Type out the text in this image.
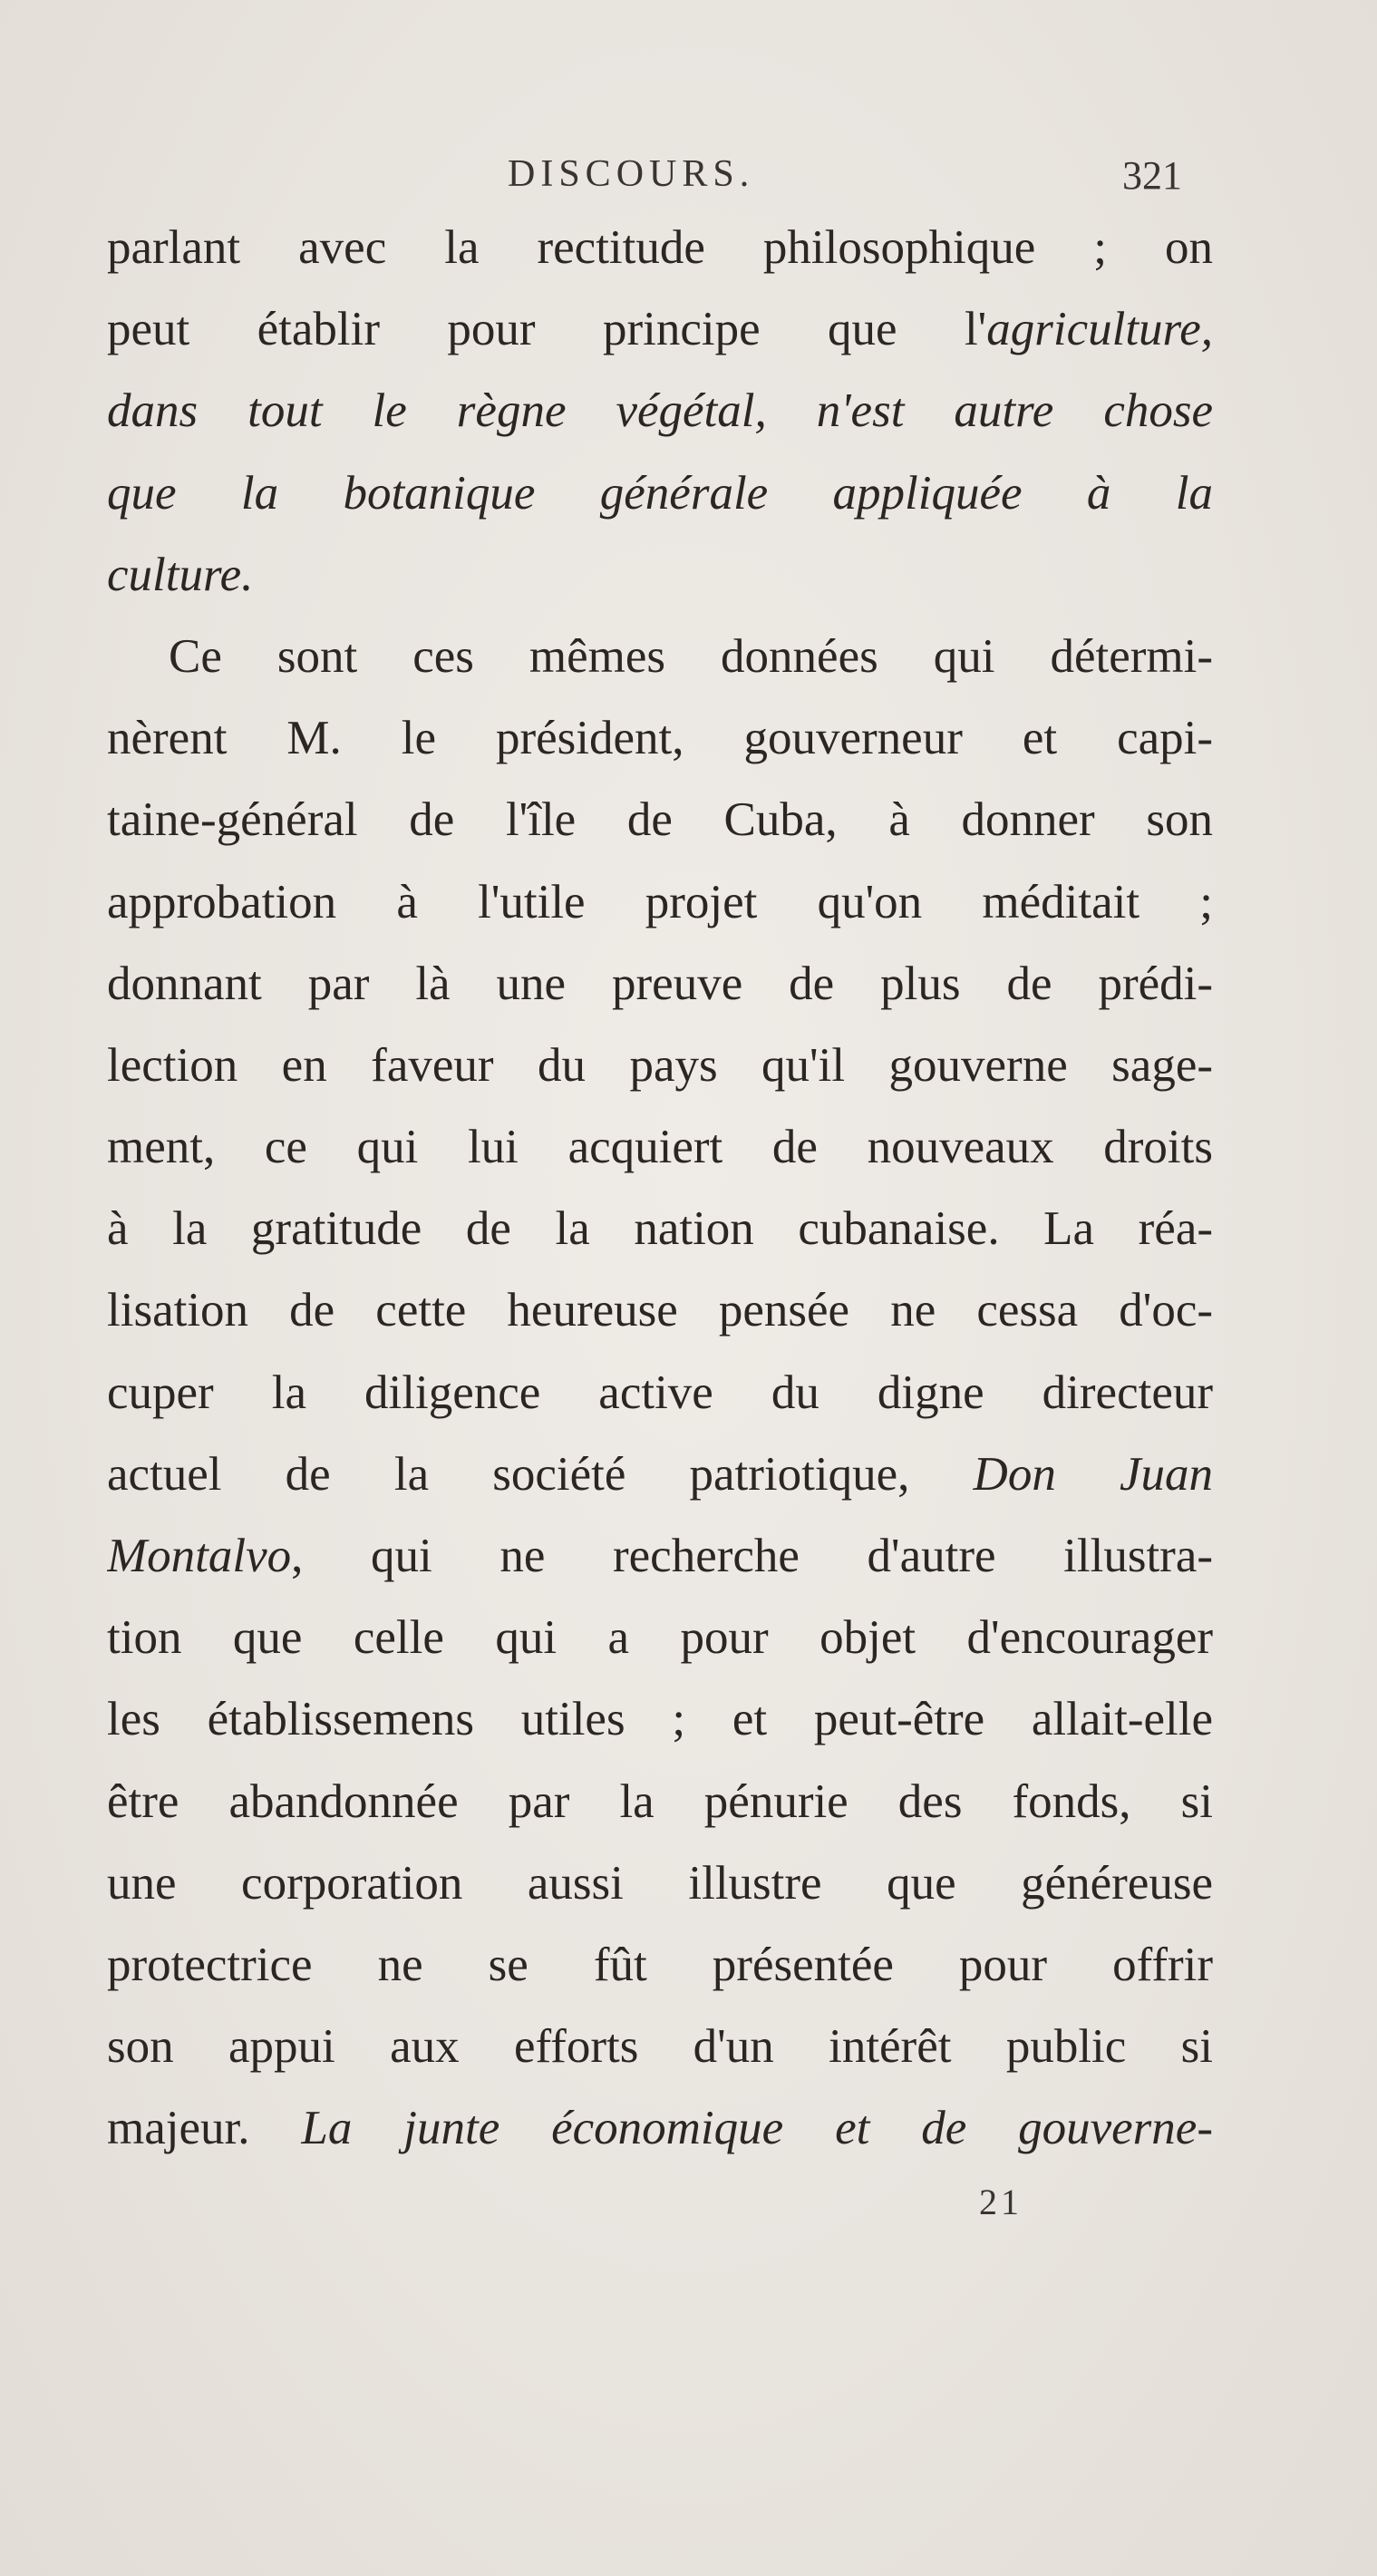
DISCOURS.	321
parlant avec la rectitude philosophique ; on
peut établir pour principe que l'agriculture,
dans tout le règne végétal, n'est autre chose
que la botanique générale appliquée à la
culture.
Ce sont ces mêmes données qui détermi-
nèrent M. le président, gouverneur et capi-
taine-général de l'île de Cuba, à donner son
approbation à l'utile projet qu'on méditait ;
donnant par là une preuve de plus de prédi-
lection en faveur du pays qu'il gouverne sage-
ment, ce qui lui acquiert de nouveaux droits
à la gratitude de la nation cubanaise. La réa-
lisation de cette heureuse pensée ne cessa d'oc-
cuper la diligence active du digne directeur
actuel de la société patriotique, Don Juan
Montalvo, qui ne recherche d'autre illustra-
tion que celle qui a pour objet d'encourager
les établissemens utiles ; et peut-être allait-elle
être abandonnée par la pénurie des fonds, si
une corporation aussi illustre que généreuse
protectrice ne se fût présentée pour offrir
son appui aux efforts d'un intérêt public si
majeur. La junte économique et de gouverne-
21
